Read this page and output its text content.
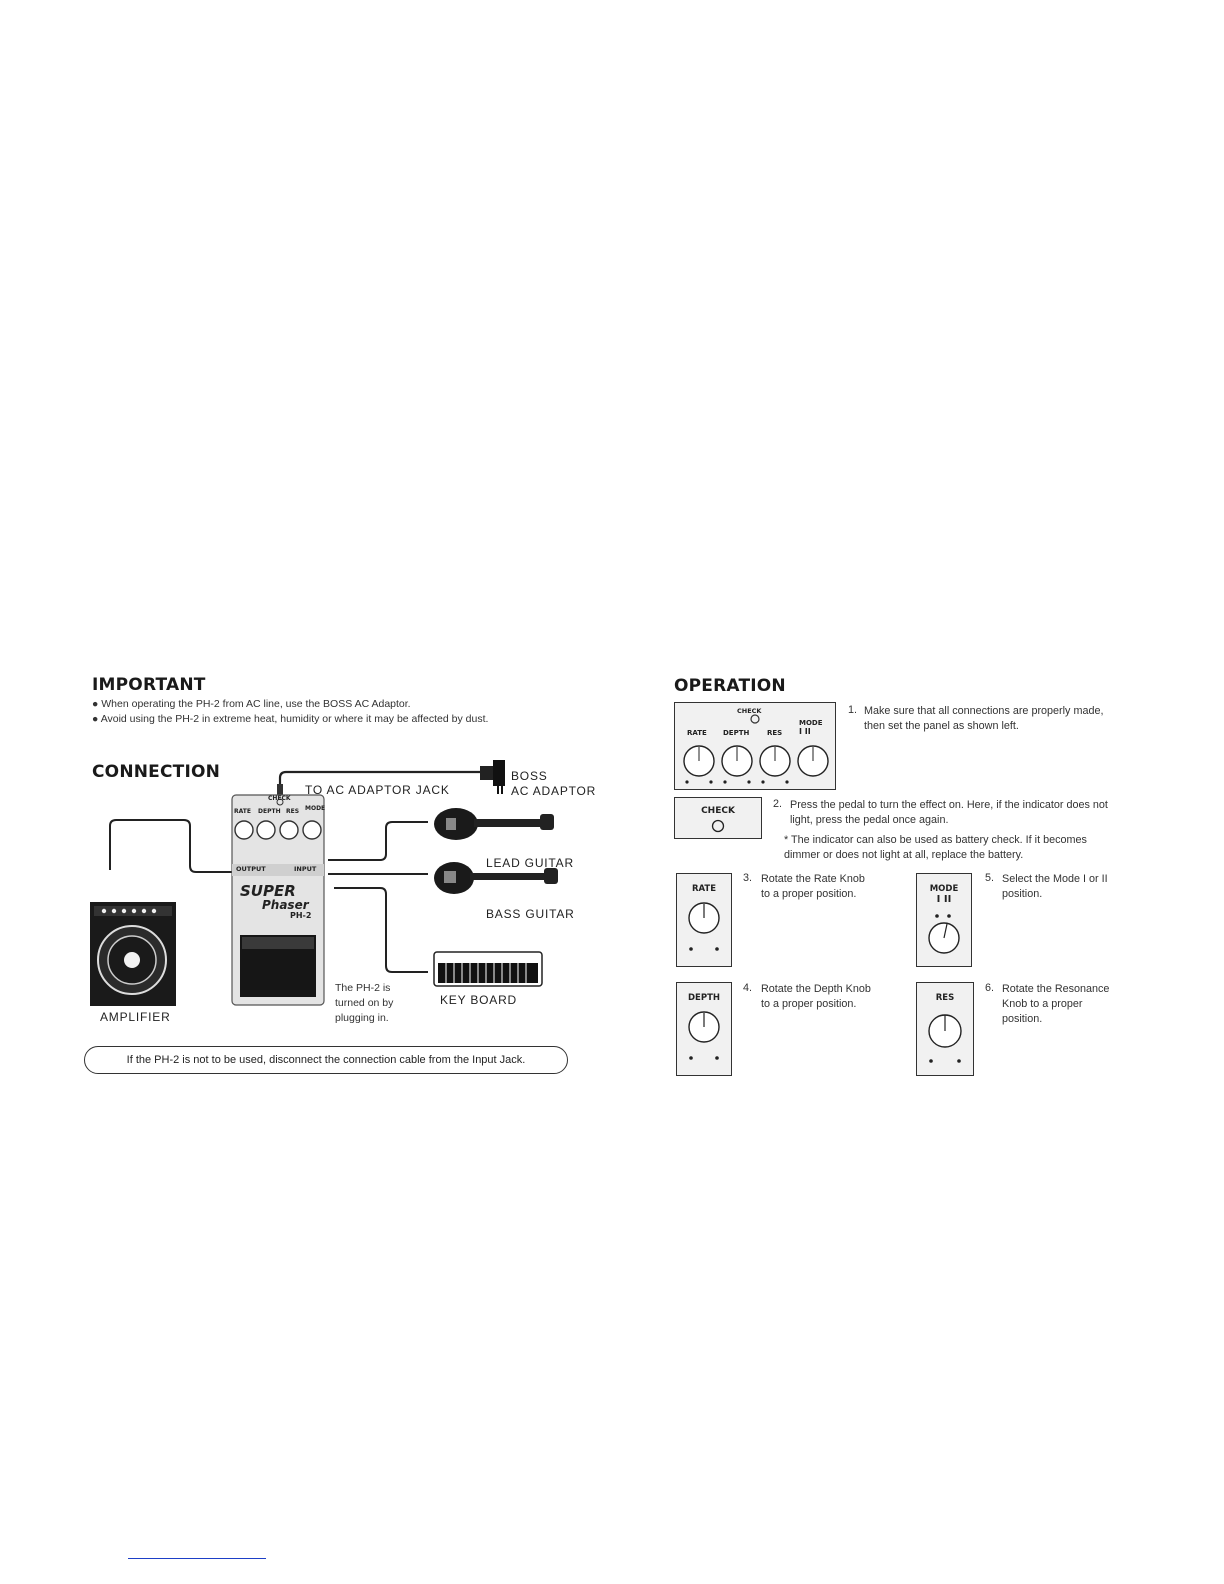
IMPORTANT
● When operating the PH-2 from AC line, use the BOSS AC Adaptor.
● Avoid using the PH-2 in extreme heat, humidity or where it may be affected by dust.
CONNECTION
CHECK
RATE DEPTH RES MODE
OUTPUT	INPUT
SUPER
Phaser
PH-2
TO AC ADAPTOR JACK
BOSS
AC ADAPTOR
LEAD GUITAR
BASS GUITAR
KEY BOARD
AMPLIFIER
The PH-2 is
turned on by
plugging in.
If the PH-2 is not to be used, disconnect the connection cable from the Input Jack.
OPERATION
CHECK
RATE DEPTH	RES
MODE
I II
1. Make sure that all connections are properly made, then set the panel as shown left.
CHECK
2. Press the pedal to turn the effect on. Here, if the indicator does not light, press the pedal once again.
* The indicator can also be used as battery check. If it becomes dimmer or does not light at all, replace the battery.
RATE
3. Rotate the Rate Knob to a proper position.
DEPTH
4. Rotate the Depth Knob to a proper position.
MODE
I II
5. Select the Mode I or II position.
RES
6. Rotate the Resonance Knob to a proper position.
